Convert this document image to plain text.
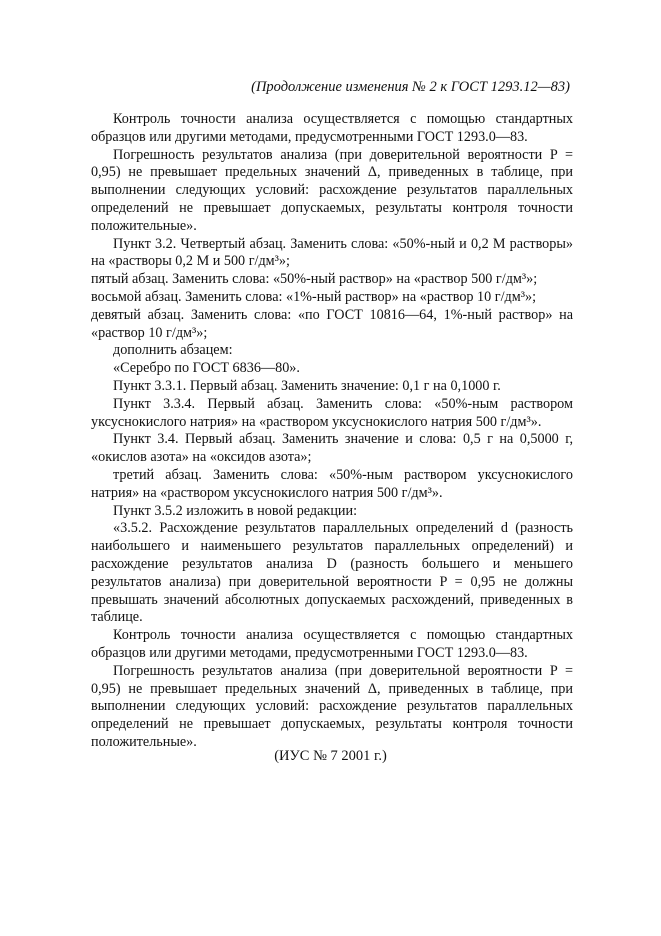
(Продолжение изменения № 2 к ГОСТ 1293.12—83)

Контроль точности анализа осуществляется с помощью стандартных образцов или другими методами, предусмотренными ГОСТ 1293.0—83.

Погрешность результатов анализа (при доверительной вероятности P = 0,95) не превышает предельных значений Δ, приведенных в таблице, при выполнении следующих условий: расхождение результатов параллельных определений не превышает допускаемых, результаты контроля точности положительные».

Пункт 3.2. Четвертый абзац. Заменить слова: «50%-ный и 0,2 М растворы» на «растворы 0,2 М и 500 г/дм³»;

пятый абзац. Заменить слова: «50%-ный раствор» на «раствор 500 г/дм³»;

восьмой абзац. Заменить слова: «1%-ный раствор» на «раствор 10 г/дм³»;

девятый абзац. Заменить слова: «по ГОСТ 10816—64, 1%-ный раствор» на «раствор 10 г/дм³»;

дополнить абзацем:

«Серебро по ГОСТ 6836—80».

Пункт 3.3.1. Первый абзац. Заменить значение: 0,1 г на 0,1000 г.

Пункт 3.3.4. Первый абзац. Заменить слова: «50%-ным раствором уксуснокислого натрия» на «раствором уксуснокислого натрия 500 г/дм³».

Пункт 3.4. Первый абзац. Заменить значение и слова: 0,5 г на 0,5000 г, «окислов азота» на «оксидов азота»;

третий абзац. Заменить слова: «50%-ным раствором уксуснокислого натрия» на «раствором уксуснокислого натрия 500 г/дм³».

Пункт 3.5.2 изложить в новой редакции:

«3.5.2. Расхождение результатов параллельных определений d (разность наибольшего и наименьшего результатов параллельных определений) и расхождение результатов анализа D (разность большего и меньшего результатов анализа) при доверительной вероятности P = 0,95 не должны превышать значений абсолютных допускаемых расхождений, приведенных в таблице.

Контроль точности анализа осуществляется с помощью стандартных образцов или другими методами, предусмотренными ГОСТ 1293.0—83.

Погрешность результатов анализа (при доверительной вероятности P = 0,95) не превышает предельных значений Δ, приведенных в таблице, при выполнении следующих условий: расхождение результатов параллельных определений не превышает допускаемых, результаты контроля точности положительные».

(ИУС № 7 2001 г.)
